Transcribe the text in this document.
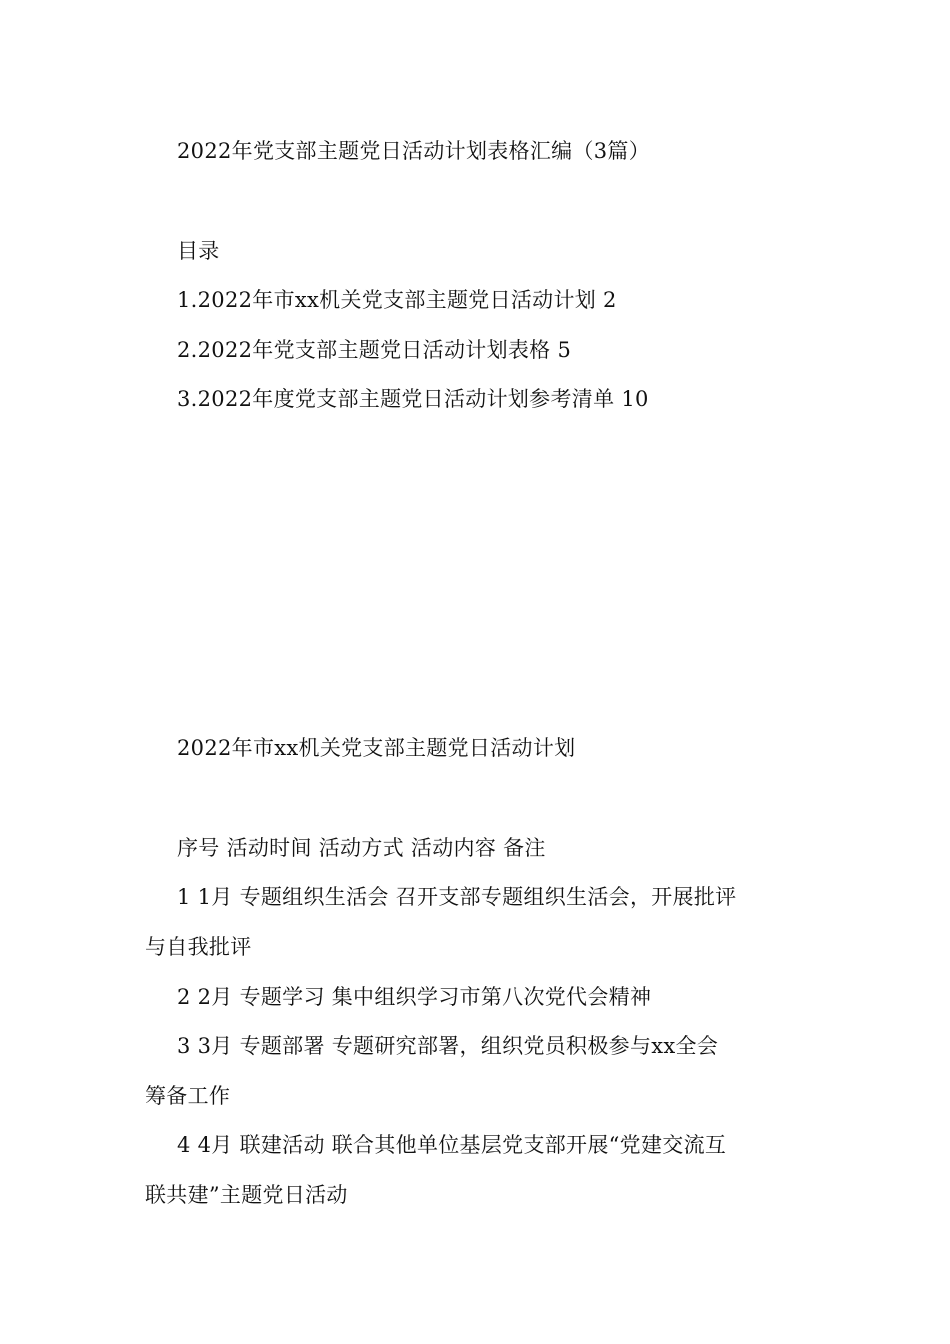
2022年党支部主题党日活动计划表格汇编（3篇）
目录
1.2022年市xx机关党支部主题党日活动计划 2
2.2022年党支部主题党日活动计划表格 5
3.2022年度党支部主题党日活动计划参考清单 10
2022年市xx机关党支部主题党日活动计划
序号 活动时间 活动方式 活动内容 备注
1 1月 专题组织生活会 召开支部专题组织生活会，开展批评
与自我批评
2 2月 专题学习 集中组织学习市第八次党代会精神
3 3月 专题部署 专题研究部署，组织党员积极参与xx全会
筹备工作
4 4月 联建活动 联合其他单位基层党支部开展“党建交流互
联共建”主题党日活动
